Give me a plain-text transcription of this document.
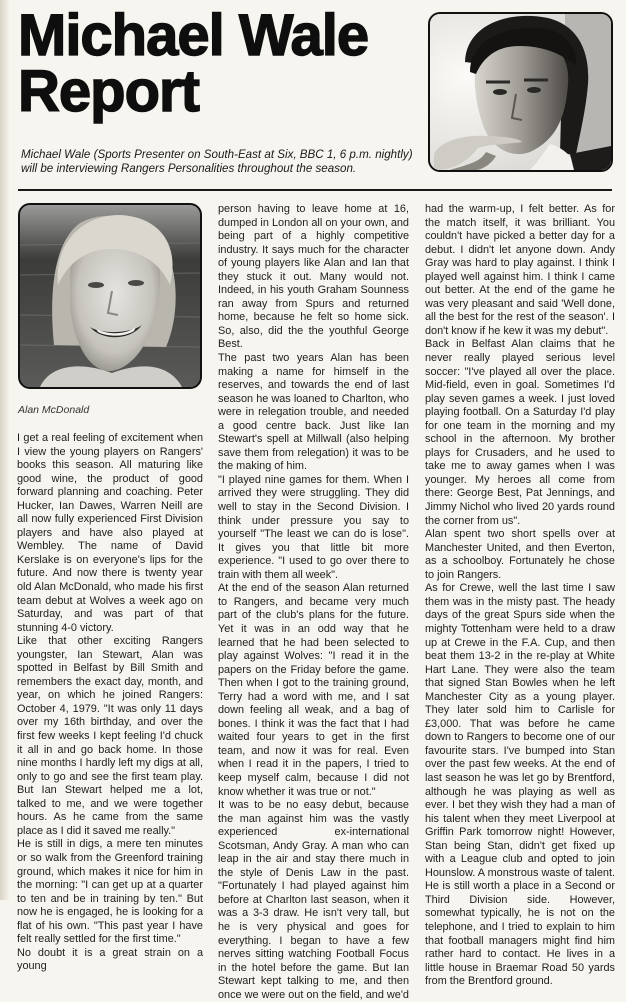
Michael Wale
Report

Michael Wale (Sports Presenter on South-East at Six, BBC 1, 6 p.m. nightly) will be interviewing Rangers Personalities throughout the season.

Alan McDonald

I get a real feeling of excitement when I view the young players on Rangers' books this season. All maturing like good wine, the product of good forward planning and coaching. Peter Hucker, Ian Dawes, Warren Neill are all now fully experienced First Division players and have also played at Wembley. The name of David Kerslake is on everyone's lips for the future. And now there is twenty year old Alan McDonald, who made his first team debut at Wolves a week ago on Saturday, and was part of that stunning 4-0 victory.

Like that other exciting Rangers youngster, Ian Stewart, Alan was spotted in Belfast by Bill Smith and remembers the exact day, month, and year, on which he joined Rangers: October 4, 1979. "It was only 11 days over my 16th birthday, and over the first few weeks I kept feeling I'd chuck it all in and go back home. In those nine months I hardly left my digs at all, only to go and see the first team play. But Ian Stewart helped me a lot, talked to me, and we were together hours. As he came from the same place as I did it saved me really."

He is still in digs, a mere ten minutes or so walk from the Greenford training ground, which makes it nice for him in the morning: "I can get up at a quarter to ten and be in training by ten." But now he is engaged, he is looking for a flat of his own. "This past year I have felt really settled for the first time."

No doubt it is a great strain on a young

person having to leave home at 16, dumped in London all on your own, and being part of a highly competitive industry. It says much for the character of young players like Alan and Ian that they stuck it out. Many would not. Indeed, in his youth Graham Sounness ran away from Spurs and returned home, because he felt so home sick. So, also, did the the youthful George Best.

The past two years Alan has been making a name for himself in the reserves, and towards the end of last season he was loaned to Charlton, who were in relegation trouble, and needed a good centre back. Just like Ian Stewart's spell at Millwall (also helping save them from relegation) it was to be the making of him.

"I played nine games for them. When I arrived they were struggling. They did well to stay in the Second Division. I think under pressure you say to yourself "The least we can do is lose". It gives you that little bit more experience. "I used to go over there to train with them all week".

At the end of the season Alan returned to Rangers, and became very much part of the club's plans for the future. Yet it was in an odd way that he learned that he had been selected to play against Wolves: "I read it in the papers on the Friday before the game. Then when I got to the training ground, Terry had a word with me, and I sat down feeling all weak, and a bag of bones. I think it was the fact that I had waited four years to get in the first team, and now it was for real. Even when I read it in the papers, I tried to keep myself calm, because I did not know whether it was true or not."

It was to be no easy debut, because the man against him was the vastly experienced ex-international Scotsman, Andy Gray. A man who can leap in the air and stay there much in the style of Denis Law in the past. "Fortunately I had played against him before at Charlton last season, when it was a 3-3 draw. He isn't very tall, but he is very physical and goes for everything. I began to have a few nerves sitting watching Football Focus in the hotel before the game. But Ian Stewart kept talking to me, and then once we were out on the field, and we'd

had the warm-up, I felt better. As for the match itself, it was brilliant. You couldn't have picked a better day for a debut. I didn't let anyone down. Andy Gray was hard to play against. I think I played well against him. I think I came out better. At the end of the game he was very pleasant and said 'Well done, all the best for the rest of the season'. I don't know if he kew it was my debut".

Back in Belfast Alan claims that he never really played serious level soccer: "I've played all over the place. Mid-field, even in goal. Sometimes I'd play seven games a week. I just loved playing football. On a Saturday I'd play for one team in the morning and my school in the afternoon. My brother plays for Crusaders, and he used to take me to away games when I was younger. My heroes all come from there: George Best, Pat Jennings, and Jimmy Nichol who lived 20 yards round the corner from us".

Alan spent two short spells over at Manchester United, and then Everton, as a schoolboy. Fortunately he chose to join Rangers.

As for Crewe, well the last time I saw them was in the misty past. The heady days of the great Spurs side when the mighty Tottenham were held to a draw up at Crewe in the F.A. Cup, and then beat them 13-2 in the re-play at White Hart Lane. They were also the team that signed Stan Bowles when he left Manchester City as a young player. They later sold him to Carlisle for £3,000. That was before he came down to Rangers to become one of our favourite stars. I've bumped into Stan over the past few weeks. At the end of last season he was let go by Brentford, although he was playing as well as ever. I bet they wish they had a man of his talent when they meet Liverpool at Griffin Park tomorrow night! However, Stan being Stan, didn't get fixed up with a League club and opted to join Hounslow. A monstrous waste of talent. He is still worth a place in a Second or Third Division side. However, somewhat typically, he is not on the telephone, and I tried to explain to him that football managers might find him rather hard to contact. He lives in a little house in Braemar Road 50 yards from the Brentford ground.
